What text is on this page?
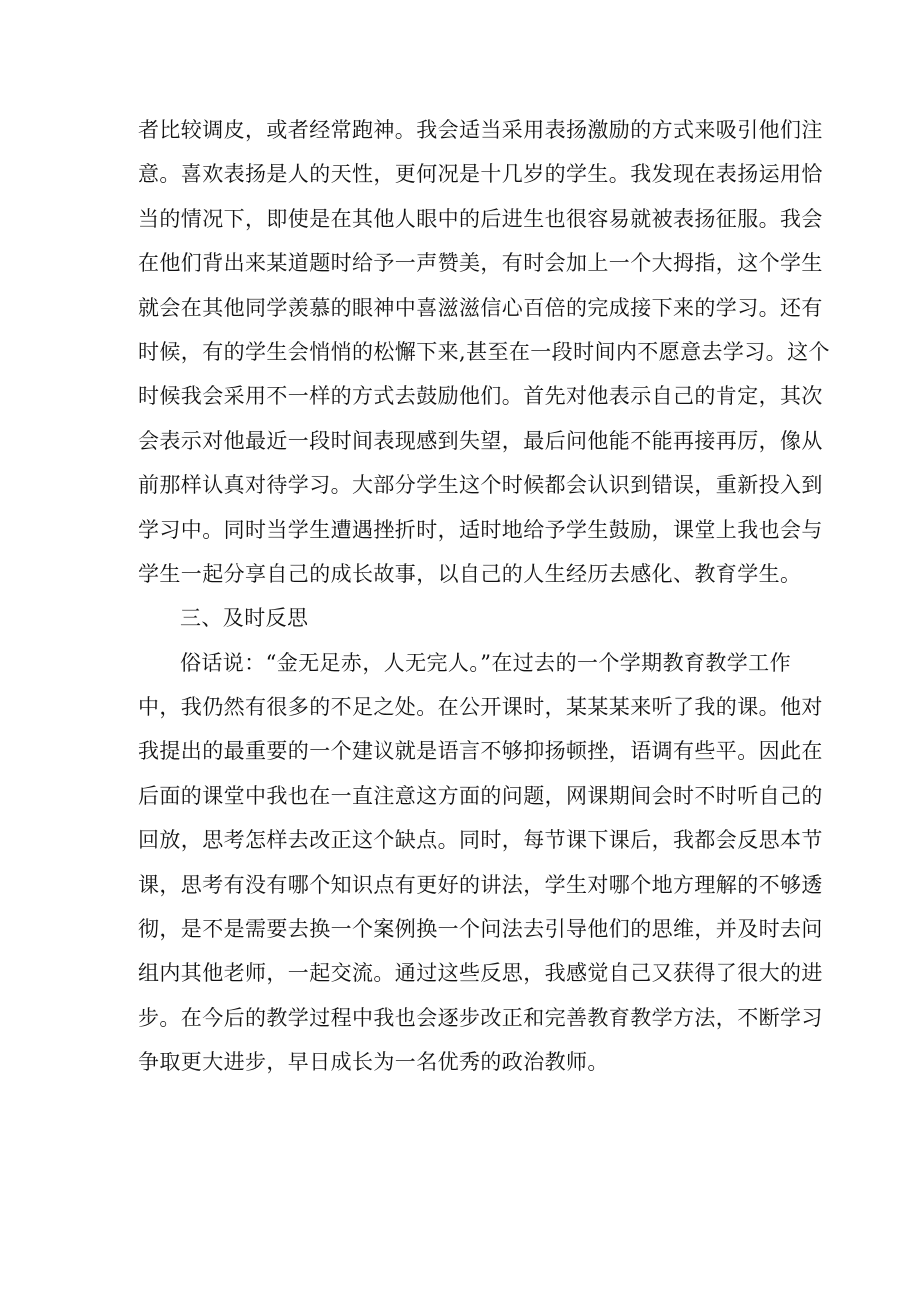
者比较调皮，或者经常跑神。我会适当采用表扬激励的方式来吸引他们注
意。喜欢表扬是人的天性，更何况是十几岁的学生。我发现在表扬运用恰
当的情况下，即使是在其他人眼中的后进生也很容易就被表扬征服。我会
在他们背出来某道题时给予一声赞美，有时会加上一个大拇指，这个学生
就会在其他同学羡慕的眼神中喜滋滋信心百倍的完成接下来的学习。还有
时候，有的学生会悄悄的松懈下来,甚至在一段时间内不愿意去学习。这个
时候我会采用不一样的方式去鼓励他们。首先对他表示自己的肯定，其次
会表示对他最近一段时间表现感到失望，最后问他能不能再接再厉，像从
前那样认真对待学习。大部分学生这个时候都会认识到错误，重新投入到
学习中。同时当学生遭遇挫折时，适时地给予学生鼓励，课堂上我也会与
学生一起分享自己的成长故事，以自己的人生经历去感化、教育学生。
三、及时反思
俗话说：“金无足赤，人无完人。”在过去的一个学期教育教学工作
中，我仍然有很多的不足之处。在公开课时，某某某来听了我的课。他对
我提出的最重要的一个建议就是语言不够抑扬顿挫，语调有些平。因此在
后面的课堂中我也在一直注意这方面的问题，网课期间会时不时听自己的
回放，思考怎样去改正这个缺点。同时，每节课下课后，我都会反思本节
课，思考有没有哪个知识点有更好的讲法，学生对哪个地方理解的不够透
彻，是不是需要去换一个案例换一个问法去引导他们的思维，并及时去问
组内其他老师，一起交流。通过这些反思，我感觉自己又获得了很大的进
步。在今后的教学过程中我也会逐步改正和完善教育教学方法，不断学习
争取更大进步，早日成长为一名优秀的政治教师。
